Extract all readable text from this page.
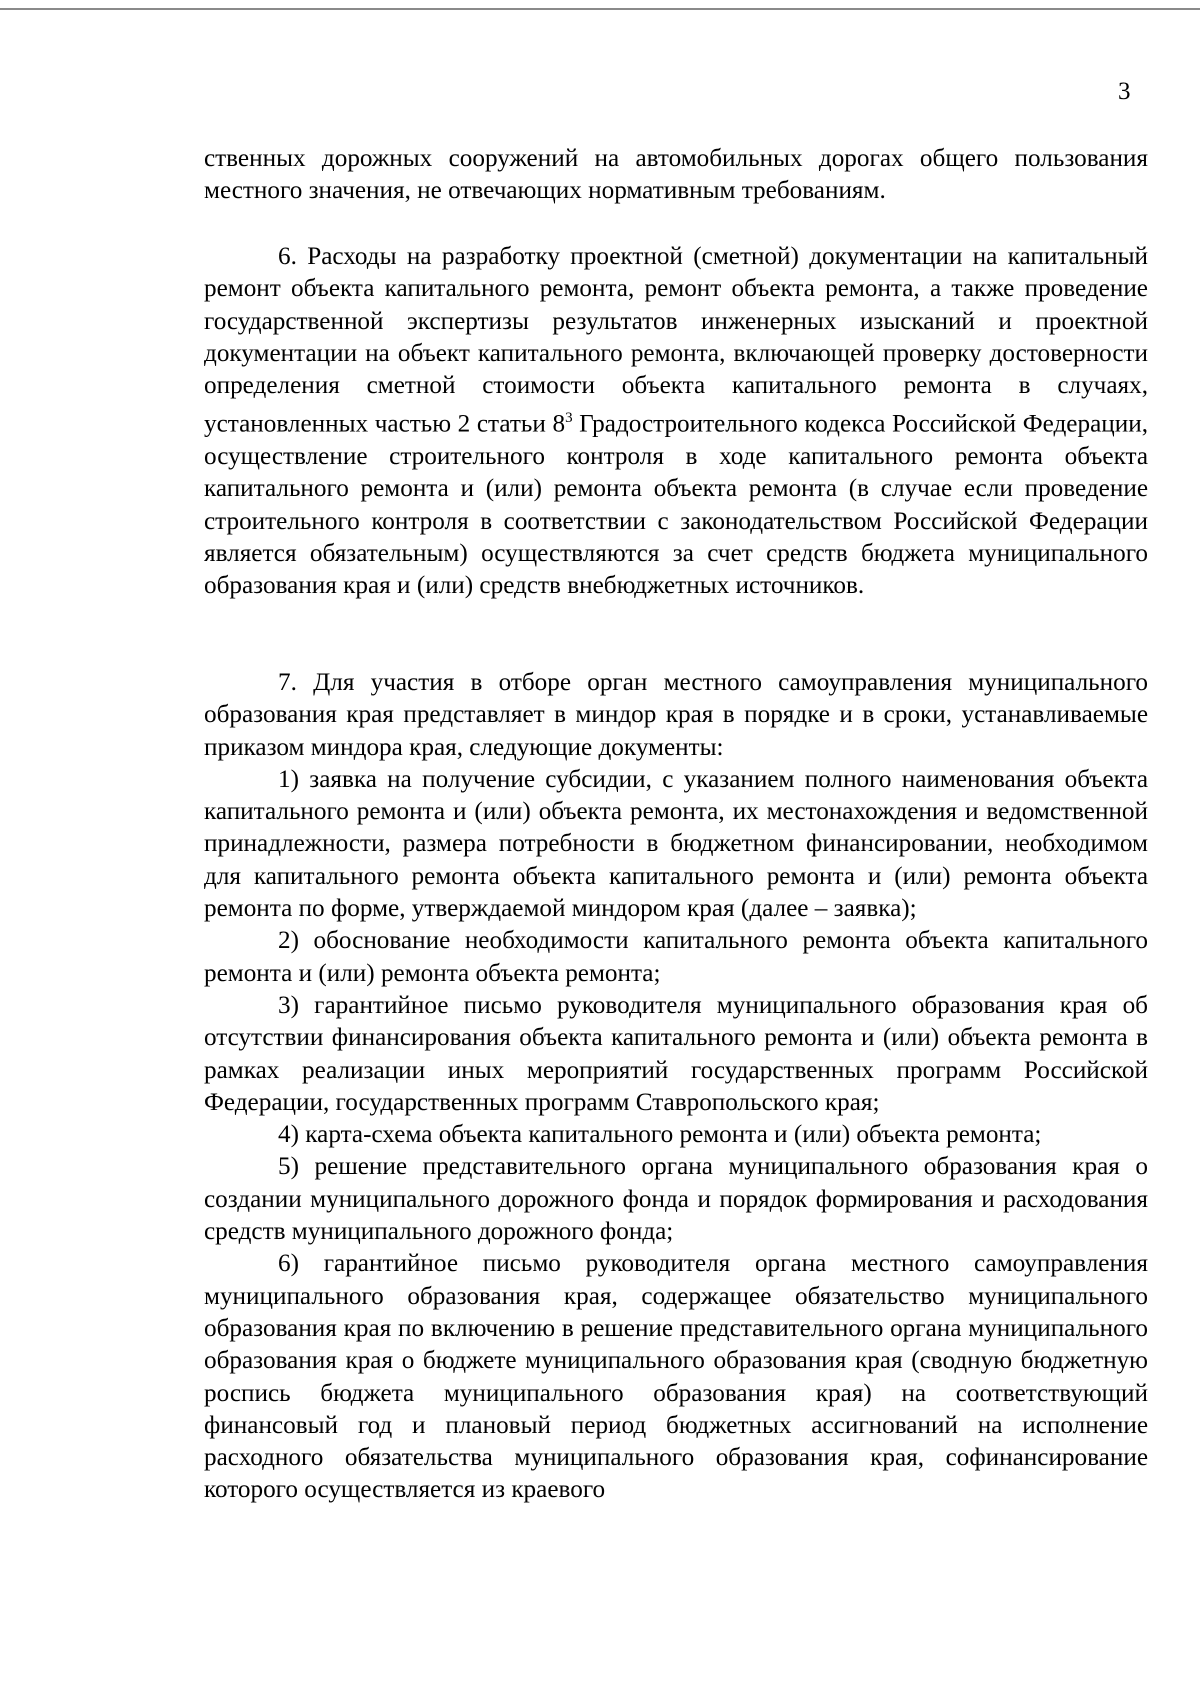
3

ственных дорожных сооружений на автомобильных дорогах общего пользования местного значения, не отвечающих нормативным требованиям.

6. Расходы на разработку проектной (сметной) документации на капитальный ремонт объекта капитального ремонта, ремонт объекта ремонта, а также проведение государственной экспертизы результатов инженерных изысканий и проектной документации на объект капитального ремонта, включающей проверку достоверности определения сметной стоимости объекта капитального ремонта в случаях, установленных частью 2 статьи $8^3$ Градостроительного кодекса Российской Федерации, осуществление строительного контроля в ходе капитального ремонта объекта капитального ремонта и (или) ремонта объекта ремонта (в случае если проведение строительного контроля в соответствии с законодательством Российской Федерации является обязательным) осуществляются за счет средств бюджета муниципального образования края и (или) средств внебюджетных источников.

7. Для участия в отборе орган местного самоуправления муниципального образования края представляет в миндор края в порядке и в сроки, устанавливаемые приказом миндора края, следующие документы:

1) заявка на получение субсидии, с указанием полного наименования объекта капитального ремонта и (или) объекта ремонта, их местонахождения и ведомственной принадлежности, размера потребности в бюджетном финансировании, необходимом для капитального ремонта объекта капитального ремонта и (или) ремонта объекта ремонта по форме, утверждаемой миндором края (далее – заявка);

2) обоснование необходимости капитального ремонта объекта капитального ремонта и (или) ремонта объекта ремонта;

3) гарантийное письмо руководителя муниципального образования края об отсутствии финансирования объекта капитального ремонта и (или) объекта ремонта в рамках реализации иных мероприятий государственных программ Российской Федерации, государственных программ Ставропольского края;

4) карта-схема объекта капитального ремонта и (или) объекта ремонта;

5) решение представительного органа муниципального образования края о создании муниципального дорожного фонда и порядок формирования и расходования средств муниципального дорожного фонда;

6) гарантийное письмо руководителя органа местного самоуправления муниципального образования края, содержащее обязательство муниципального образования края по включению в решение представительного органа муниципального образования края о бюджете муниципального образования края (сводную бюджетную роспись бюджета муниципального образования края) на соответствующий финансовый год и плановый период бюджетных ассигнований на исполнение расходного обязательства муниципального образования края, софинансирование которого осуществляется из краевого
